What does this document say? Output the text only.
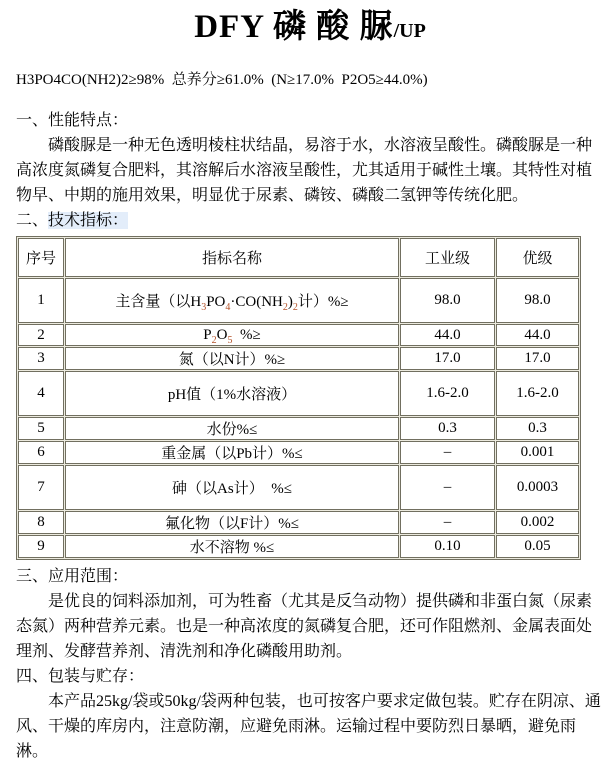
DFY 磷 酸 脲/UP
H3PO4CO(NH2)2≥98%  总养分≥61.0%  (N≥17.0%  P2O5≥44.0%)
一、性能特点：

磷酸脲是一种无色透明棱柱状结晶，易溶于水，水溶液呈酸性。磷酸脲是一种高浓度氮磷复合肥料，其溶解后水溶液呈酸性，尤其适用于碱性土壤。其特性对植物早、中期的施用效果，明显优于尿素、磷铵、磷酸二氢钾等传统化肥。

二、技术指标：
序号	指标名称	工业级	优级
1	主含量（以$H_3PO_4\cdot CO(NH_2)_2$计）%≥	98.0	98.0
2	$P_2O_5$  %≥	44.0	44.0
3	氮（以N计）%≥	17.0	17.0
4	pH值（1%水溶液）	1.6-2.0	1.6-2.0
5	水份%≤	0.3	0.3
6	重金属（以Pb计）%≤	–	0.001
7	砷（以As计）  %≤	–	0.0003
8	氟化物（以F计）%≤	–	0.002
9	水不溶物 %≤	0.10	0.05
三、应用范围：

是优良的饲料添加剂，可为牲畜（尤其是反刍动物）提供磷和非蛋白氮（尿素态氮）两种营养元素。也是一种高浓度的氮磷复合肥，还可作阻燃剂、金属表面处理剂、发酵营养剂、清洗剂和净化磷酸用助剂。

四、包装与贮存：

本产品25kg/袋或50kg/袋两种包装，也可按客户要求定做包装。贮存在阴凉、通风、干燥的库房内，注意防潮，应避免雨淋。运输过程中要防烈日暴晒，避免雨淋。
